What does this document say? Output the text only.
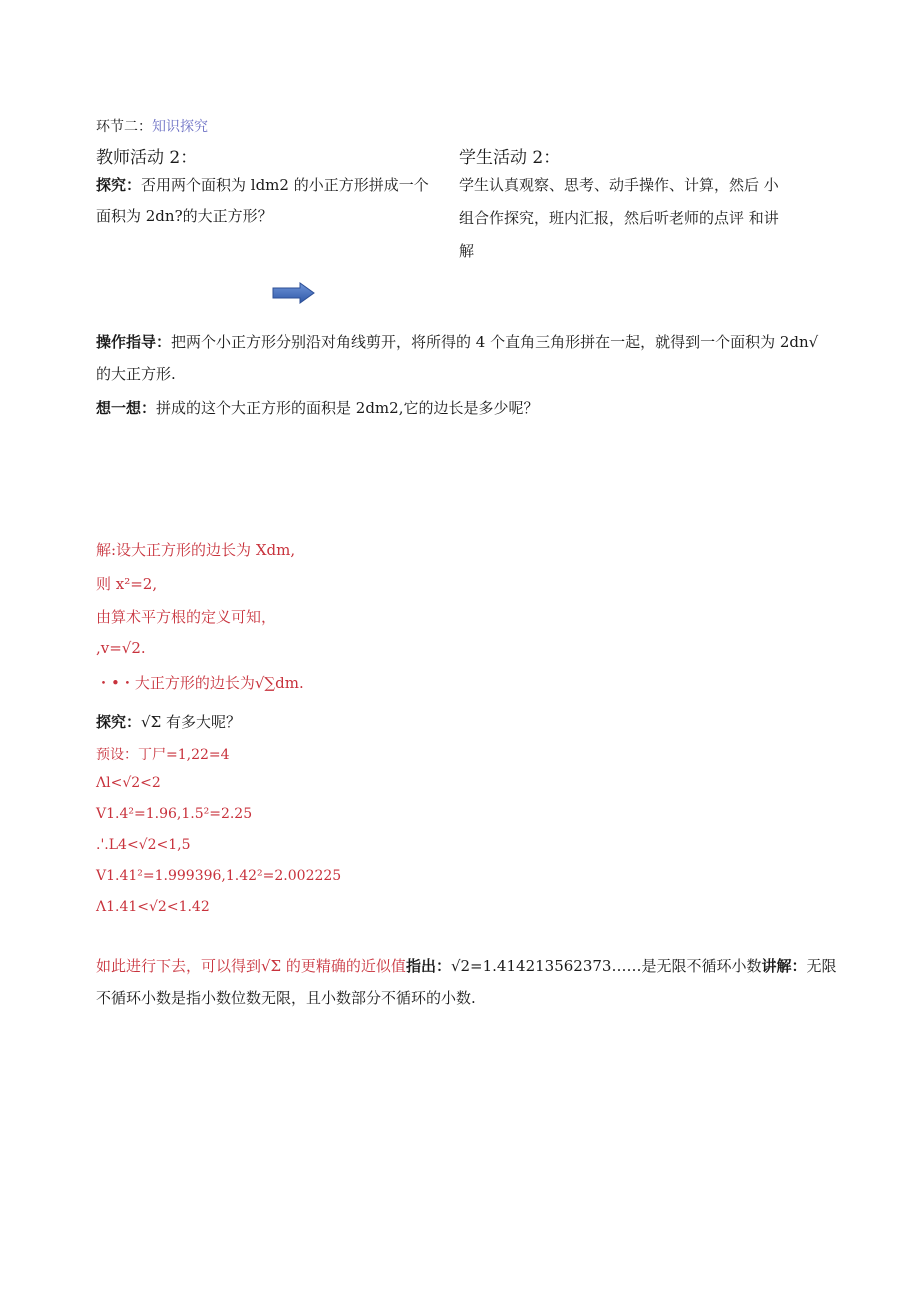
环节二：知识探究
教师活动 2：
探究：否用两个面积为 ldm2 的小正方形拼成一个
面积为 2dn?的大正方形？
学生活动 2：
学生认真观察、思考、动手操作、计算，然后 小
组合作探究，班内汇报，然后听老师的点评 和讲
解
操作指导：把两个小正方形分别沿对角线剪开，将所得的 4 个直角三角形拼在一起，就得到一个面积为 2dn√
的大正方形.
想一想：拼成的这个大正方形的面积是 2dm2,它的边长是多少呢？
解:设大正方形的边长为 Xdm,
则 x²=2,
由算术平方根的定义可知，
,v=√2.
・•・大正方形的边长为√∑dm.
探究：√Σ 有多大呢？
预设：丁尸=1,22=4
Λl<√2<2
V1.4²=1.96,1.5²=2.25
.'.L4<√2<1,5
V1.41²=1.999396,1.42²=2.002225
Λ1.41<√2<1.42
如此进行下去，可以得到√Σ 的更精确的近似值指出：√2=1.414213562373……是无限不循环小数讲解：无限
不循环小数是指小数位数无限，且小数部分不循环的小数.
